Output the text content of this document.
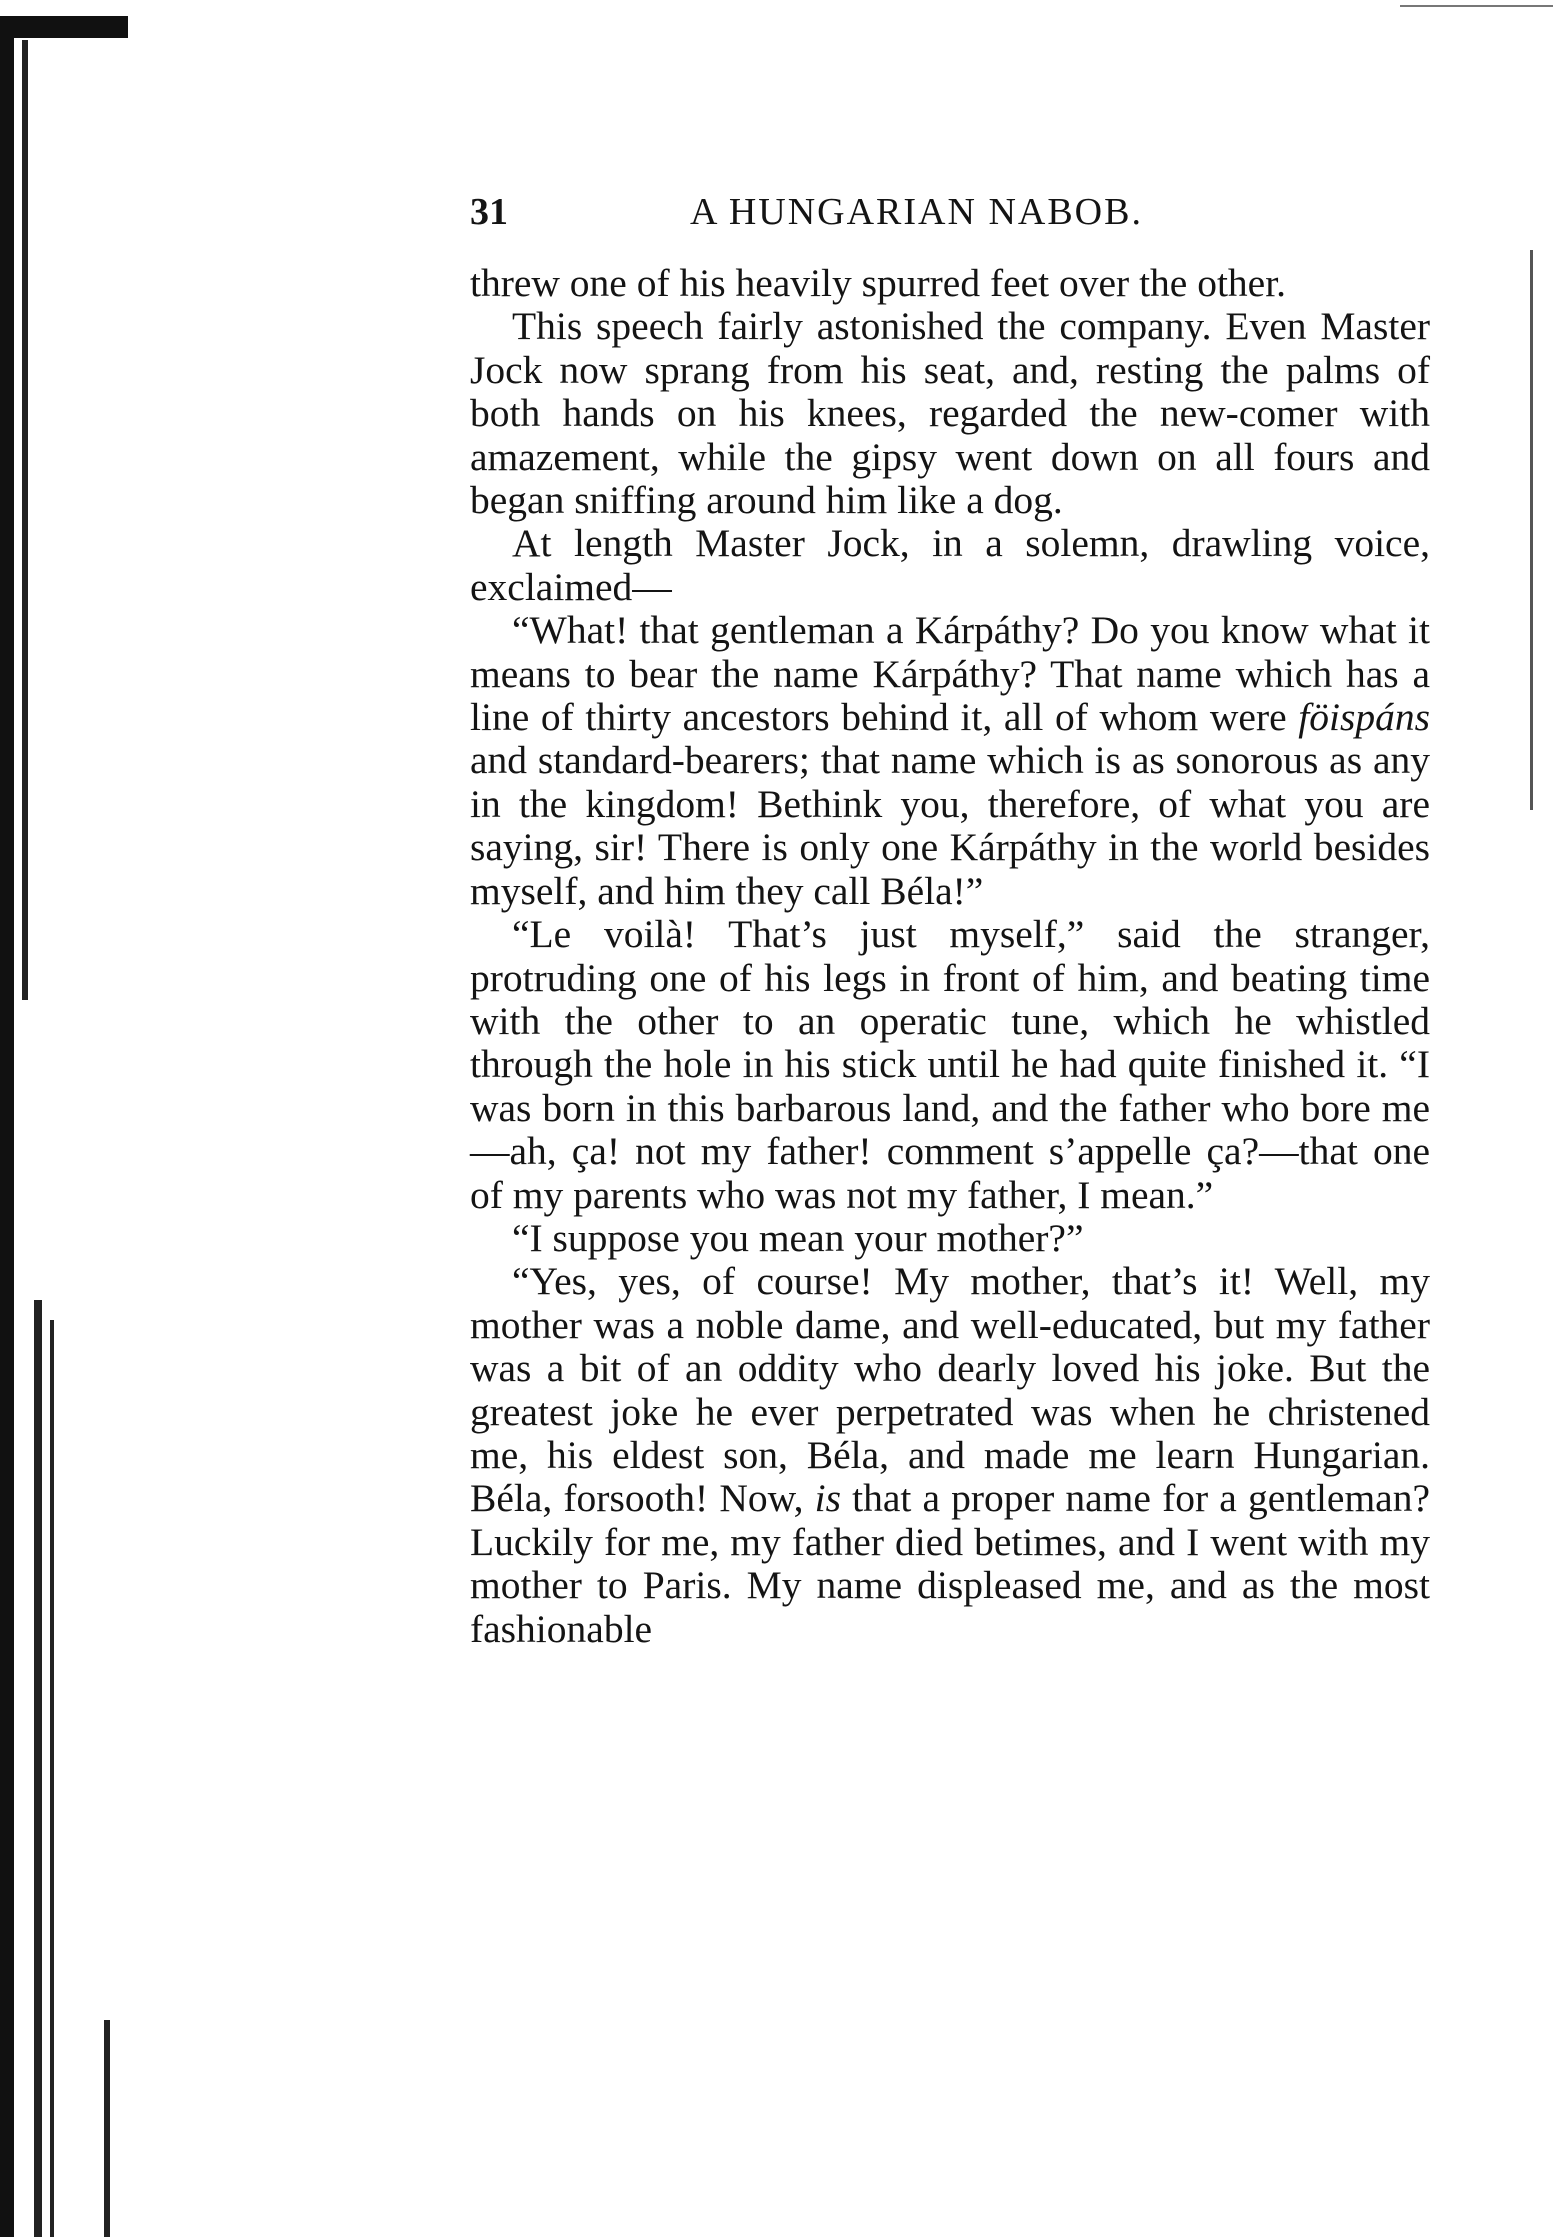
31	A HUNGARIAN NABOB.

threw one of his heavily spurred feet over the other.

This speech fairly astonished the company. Even Master Jock now sprang from his seat, and, resting the palms of both hands on his knees, regarded the new-comer with amazement, while the gipsy went down on all fours and began sniffing around him like a dog.

At length Master Jock, in a solemn, drawling voice, exclaimed—

“What! that gentleman a Kárpáthy? Do you know what it means to bear the name Kárpáthy? That name which has a line of thirty ancestors behind it, all of whom were föispáns and standard-bearers; that name which is as sonorous as any in the kingdom! Bethink you, therefore, of what you are saying, sir! There is only one Kárpáthy in the world besides myself, and him they call Béla!”

“Le voilà! That’s just myself,” said the stranger, protruding one of his legs in front of him, and beating time with the other to an operatic tune, which he whistled through the hole in his stick until he had quite finished it. “I was born in this barbarous land, and the father who bore me—ah, ça! not my father! comment s’appelle ça?—that one of my parents who was not my father, I mean.”

“I suppose you mean your mother?”

“Yes, yes, of course! My mother, that’s it! Well, my mother was a noble dame, and well-educated, but my father was a bit of an oddity who dearly loved his joke. But the greatest joke he ever perpetrated was when he christened me, his eldest son, Béla, and made me learn Hungarian. Béla, forsooth! Now, is that a proper name for a gentleman? Luckily for me, my father died betimes, and I went with my mother to Paris. My name displeased me, and as the most fashionable
